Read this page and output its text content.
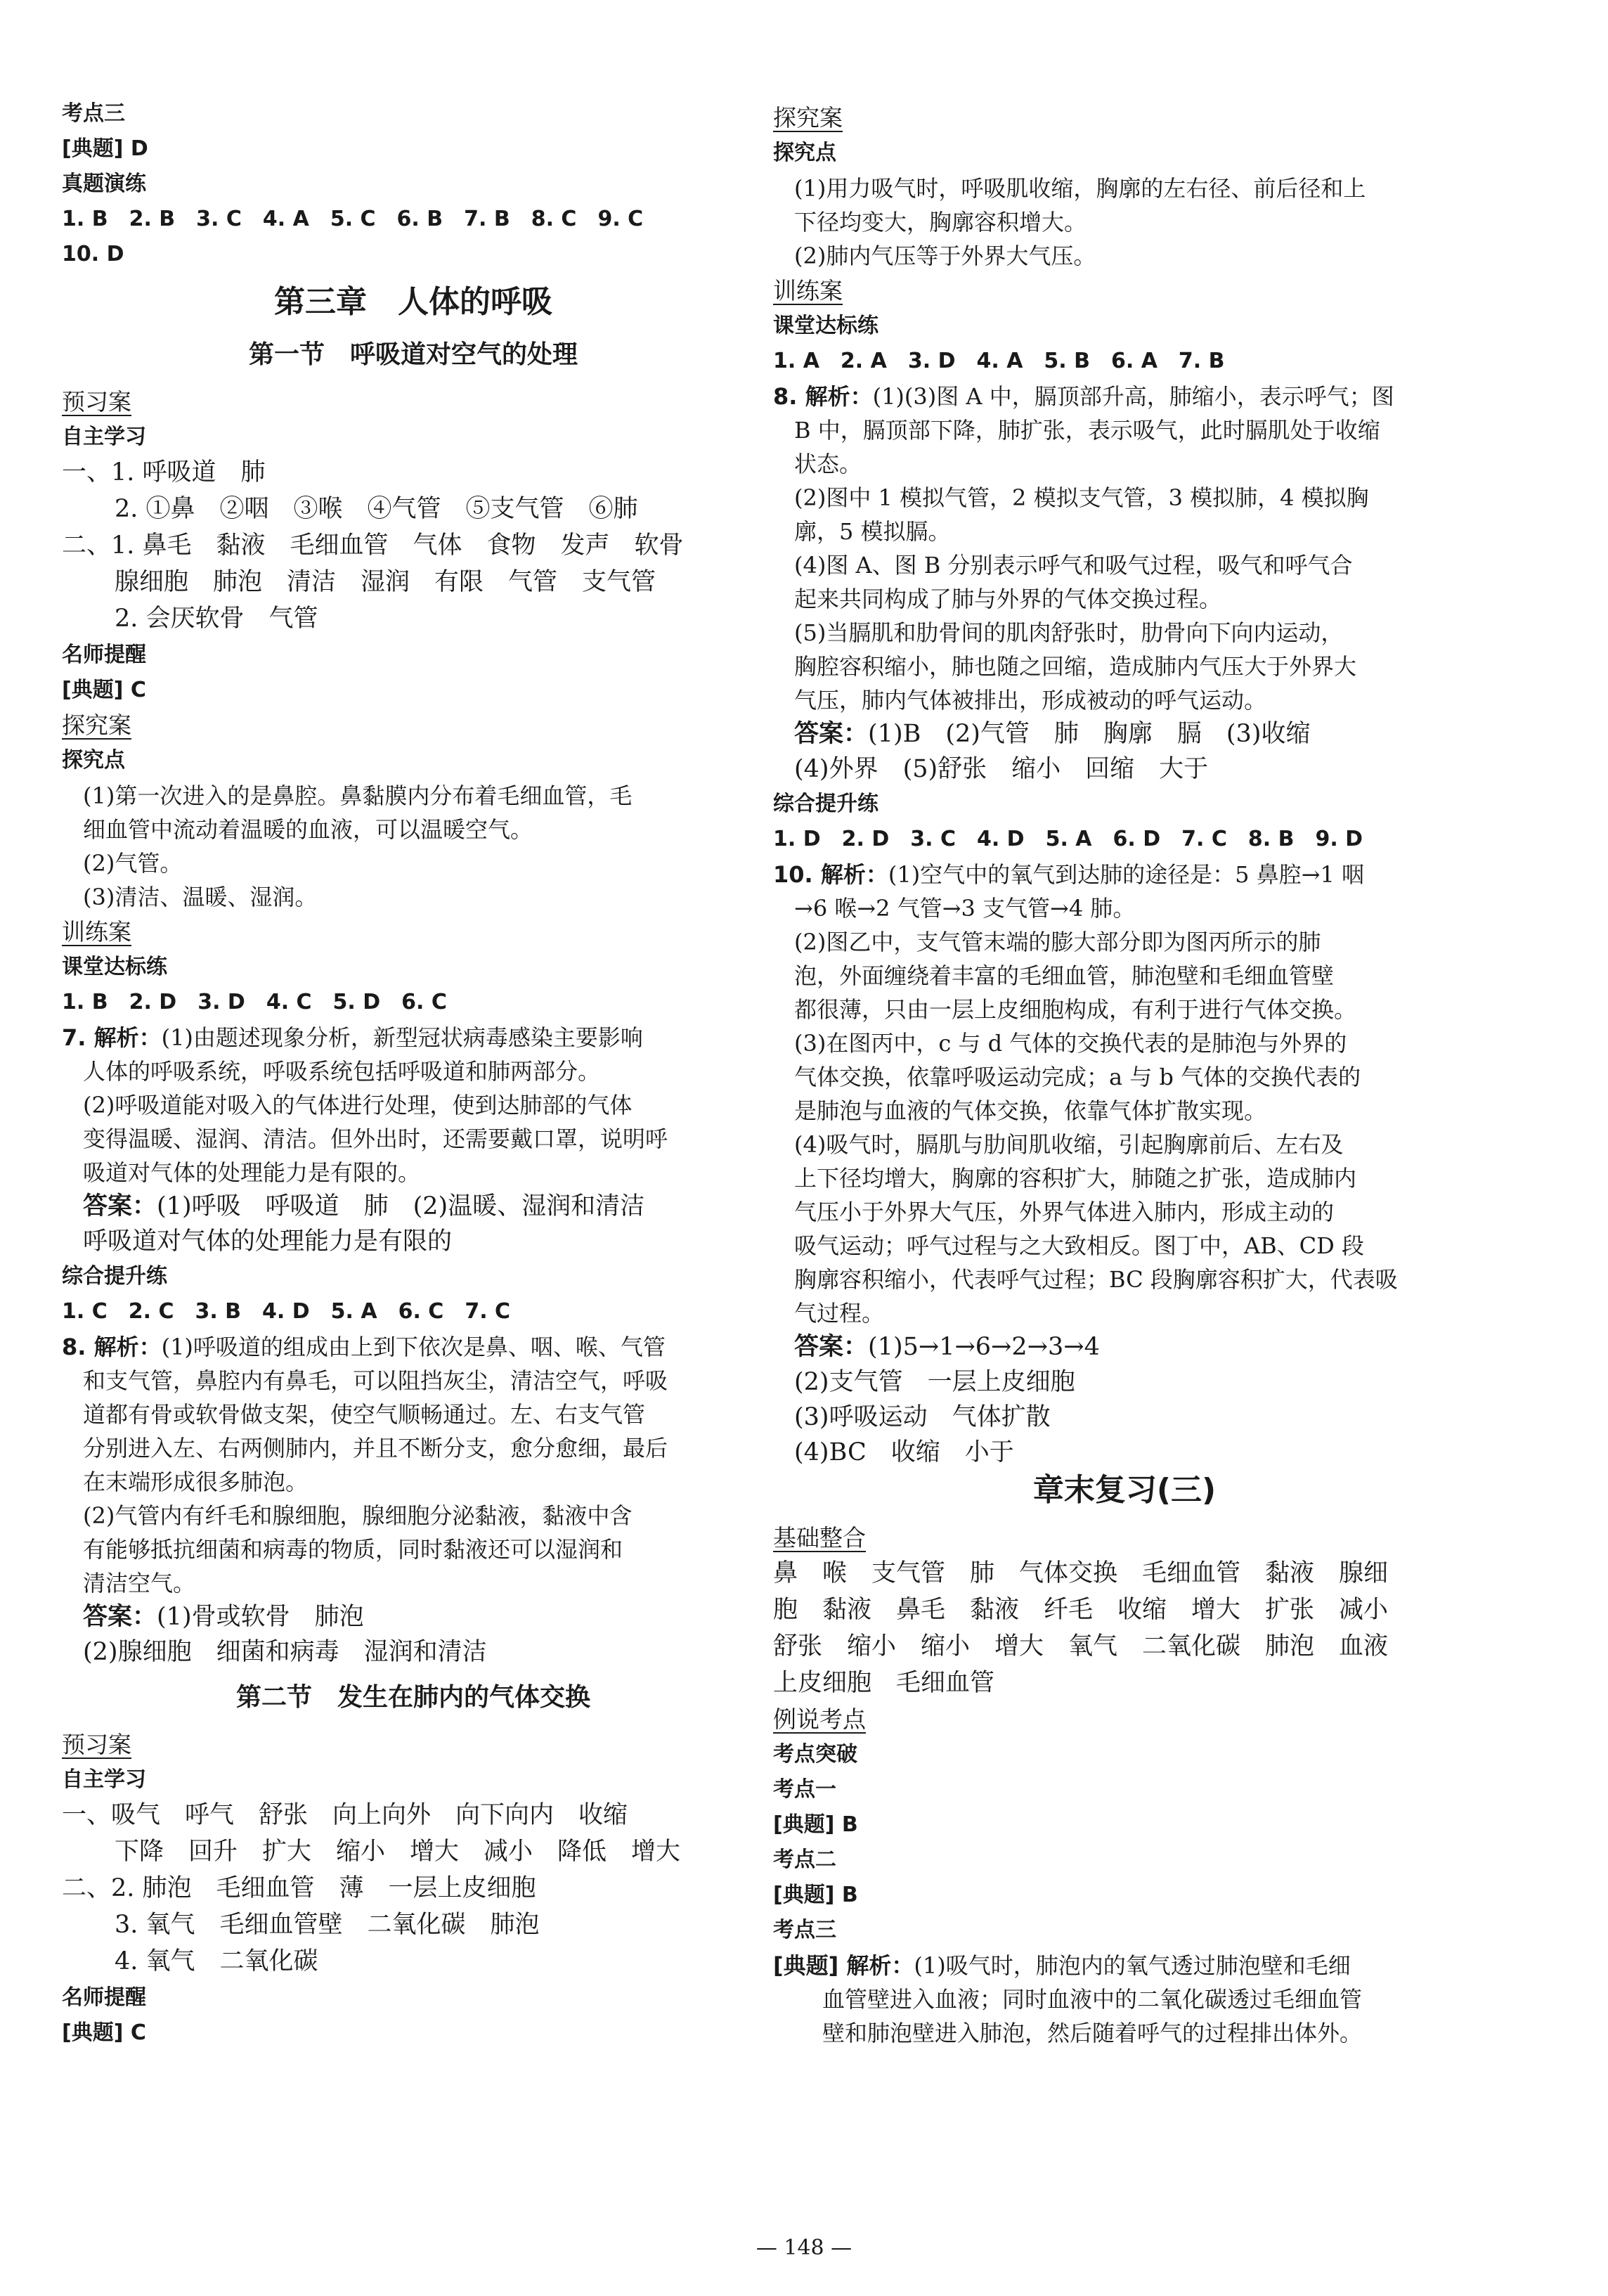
考点三
[典题] D
真题演练
1. B　2. B　3. C　4. A　5. C　6. B　7. B　8. C　9. C
10. D
第三章　人体的呼吸
第一节　呼吸道对空气的处理
预习案
自主学习
一、1. 呼吸道　肺
　2. ①鼻　②咽　③喉　④气管　⑤支气管　⑥肺
二、1. 鼻毛　黏液　毛细血管　气体　食物　发声　软骨
　腺细胞　肺泡　清洁　湿润　有限　气管　支气管
　2. 会厌软骨　气管
名师提醒
[典题] C
探究案
探究点
(1)第一次进入的是鼻腔。鼻黏膜内分布着毛细血管，毛
细血管中流动着温暖的血液，可以温暖空气。
(2)气管。
(3)清洁、温暖、湿润。
训练案
课堂达标练
1. B　2. D　3. D　4. C　5. D　6. C
7. 解析：(1)由题述现象分析，新型冠状病毒感染主要影响
人体的呼吸系统，呼吸系统包括呼吸道和肺两部分。
(2)呼吸道能对吸入的气体进行处理，使到达肺部的气体
变得温暖、湿润、清洁。但外出时，还需要戴口罩，说明呼
吸道对气体的处理能力是有限的。
答案：(1)呼吸　呼吸道　肺　(2)温暖、湿润和清洁
呼吸道对气体的处理能力是有限的
综合提升练
1. C　2. C　3. B　4. D　5. A　6. C　7. C
8. 解析：(1)呼吸道的组成由上到下依次是鼻、咽、喉、气管
和支气管，鼻腔内有鼻毛，可以阻挡灰尘，清洁空气，呼吸
道都有骨或软骨做支架，使空气顺畅通过。左、右支气管
分别进入左、右两侧肺内，并且不断分支，愈分愈细，最后
在末端形成很多肺泡。
(2)气管内有纤毛和腺细胞，腺细胞分泌黏液，黏液中含
有能够抵抗细菌和病毒的物质，同时黏液还可以湿润和
清洁空气。
答案：(1)骨或软骨　肺泡
(2)腺细胞　细菌和病毒　湿润和清洁
第二节　发生在肺内的气体交换
预习案
自主学习
一、吸气　呼气　舒张　向上向外　向下向内　收缩
　下降　回升　扩大　缩小　增大　减小　降低　增大
二、2. 肺泡　毛细血管　薄　一层上皮细胞
　3. 氧气　毛细血管壁　二氧化碳　肺泡
　4. 氧气　二氧化碳
名师提醒
[典题] C
探究案
探究点
(1)用力吸气时，呼吸肌收缩，胸廓的左右径、前后径和上
下径均变大，胸廓容积增大。
(2)肺内气压等于外界大气压。
训练案
课堂达标练
1. A　2. A　3. D　4. A　5. B　6. A　7. B
8. 解析：(1)(3)图 A 中，膈顶部升高，肺缩小，表示呼气；图
B 中，膈顶部下降，肺扩张，表示吸气，此时膈肌处于收缩
状态。
(2)图中 1 模拟气管，2 模拟支气管，3 模拟肺，4 模拟胸
廓，5 模拟膈。
(4)图 A、图 B 分别表示呼气和吸气过程，吸气和呼气合
起来共同构成了肺与外界的气体交换过程。
(5)当膈肌和肋骨间的肌肉舒张时，肋骨向下向内运动，
胸腔容积缩小，肺也随之回缩，造成肺内气压大于外界大
气压，肺内气体被排出，形成被动的呼气运动。
答案：(1)B　(2)气管　肺　胸廓　膈　(3)收缩
(4)外界　(5)舒张　缩小　回缩　大于
综合提升练
1. D　2. D　3. C　4. D　5. A　6. D　7. C　8. B　9. D
10. 解析：(1)空气中的氧气到达肺的途径是：5 鼻腔→1 咽
→6 喉→2 气管→3 支气管→4 肺。
(2)图乙中，支气管末端的膨大部分即为图丙所示的肺
泡，外面缠绕着丰富的毛细血管，肺泡壁和毛细血管壁
都很薄，只由一层上皮细胞构成，有利于进行气体交换。
(3)在图丙中，c 与 d 气体的交换代表的是肺泡与外界的
气体交换，依靠呼吸运动完成；a 与 b 气体的交换代表的
是肺泡与血液的气体交换，依靠气体扩散实现。
(4)吸气时，膈肌与肋间肌收缩，引起胸廓前后、左右及
上下径均增大，胸廓的容积扩大，肺随之扩张，造成肺内
气压小于外界大气压，外界气体进入肺内，形成主动的
吸气运动；呼气过程与之大致相反。图丁中，AB、CD 段
胸廓容积缩小，代表呼气过程；BC 段胸廓容积扩大，代表吸
气过程。
答案：(1)5→1→6→2→3→4
(2)支气管　一层上皮细胞
(3)呼吸运动　气体扩散
(4)BC　收缩　小于
章末复习(三)
基础整合
鼻　喉　支气管　肺　气体交换　毛细血管　黏液　腺细
胞　黏液　鼻毛　黏液　纤毛　收缩　增大　扩张　减小
舒张　缩小　缩小　增大　氧气　二氧化碳　肺泡　血液
上皮细胞　毛细血管
例说考点
考点突破
考点一
[典题] B
考点二
[典题] B
考点三
[典题] 解析：(1)吸气时，肺泡内的氧气透过肺泡壁和毛细
血管壁进入血液；同时血液中的二氧化碳透过毛细血管
壁和肺泡壁进入肺泡，然后随着呼气的过程排出体外。
— 148 —
